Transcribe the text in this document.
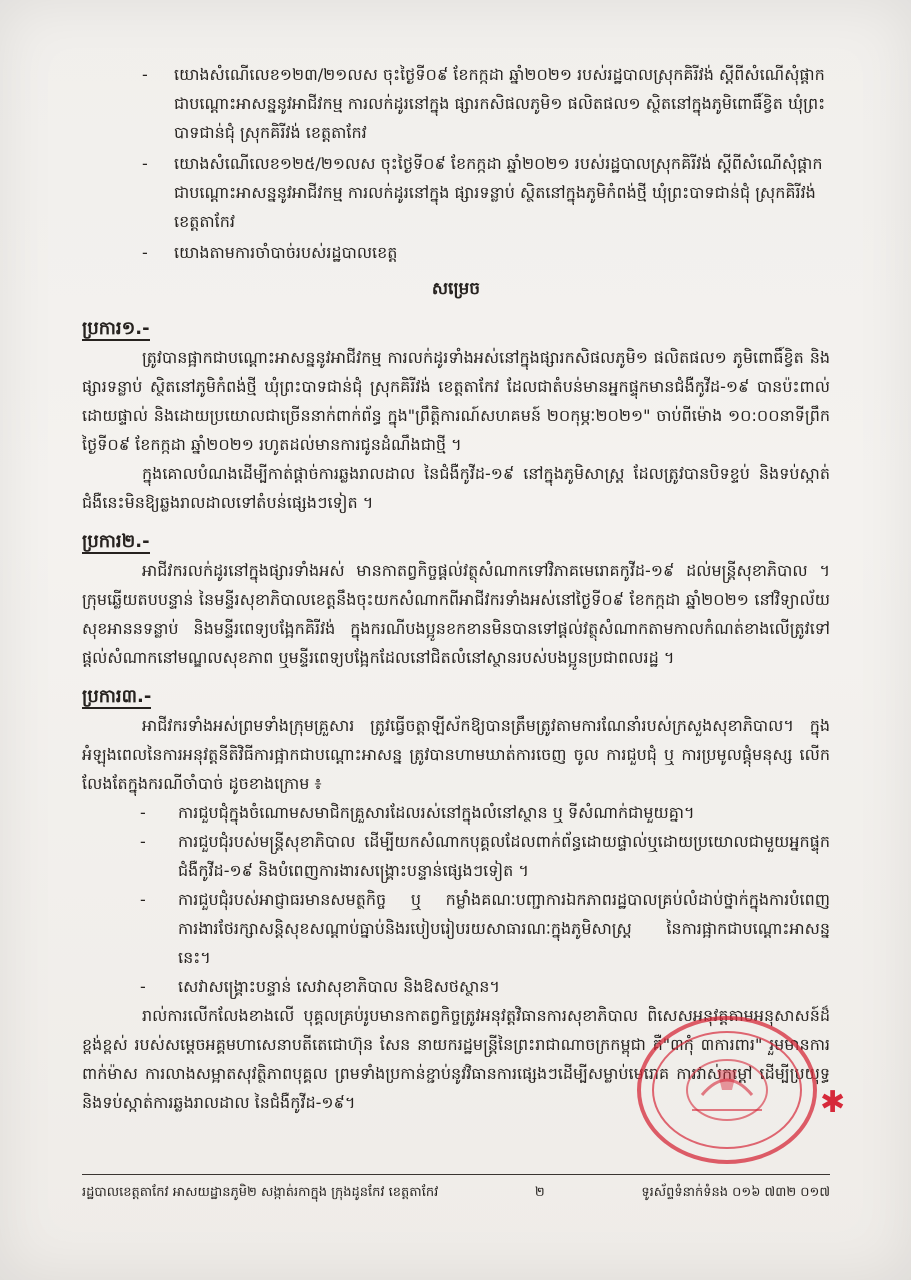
-	យោងសំណើលេខ១២៣/២១លស ចុះថ្ងៃទី០៩ ខែកក្កដា ឆ្នាំ២០២១ របស់រដ្ឋបាលស្រុកគិរីវង់ ស្តីពីសំណើសុំផ្ដាកជាបណ្ដោះអាសន្ននូវអាជីវកម្ម ការលក់ដូរនៅក្នុង ផ្សារកសិផលភូមិ១ ផលិតផល១ ស្ថិតនៅក្នុងភូមិពោធិ៍ខ្វិត ឃុំព្រះបាទជាន់ជុំ ស្រុកគិរីវង់ ខេត្តតាកែវ
-	យោងសំណើលេខ១២៥/២១លស ចុះថ្ងៃទី០៩ ខែកក្កដា ឆ្នាំ២០២១ របស់រដ្ឋបាលស្រុកគិរីវង់ ស្តីពីសំណើសុំផ្ដាកជាបណ្ដោះអាសន្ននូវអាជីវកម្ម ការលក់ដូរនៅក្នុង ផ្សារទន្លាប់ ស្ថិតនៅក្នុងភូមិកំពង់ថ្មី ឃុំព្រះបាទជាន់ជុំ ស្រុកគិរីវង់ ខេត្តតាកែវ
-	យោងតាមការចាំបាច់របស់រដ្ឋបាលខេត្ត
សម្រេច
ប្រការ១.-
ត្រូវបានផ្អាកជាបណ្ដោះអាសន្ននូវអាជីវកម្ម ការលក់ដូរទាំងអស់នៅក្នុងផ្សារកសិផលភូមិ១ ផលិតផល១ ភូមិពោធិ៍ខ្វិត និងផ្សារទន្លាប់ ស្ថិតនៅភូមិកំពង់ថ្មី ឃុំព្រះបាទជាន់ជុំ ស្រុកគិរីវង់ ខេត្តតាកែវ ដែលជាតំបន់មានអ្នកផ្ទុកមានជំងឺកូវីដ-១៩ បានប៉ះពាល់ដោយផ្ទាល់ និងដោយប្រយោលជាច្រើននាក់ពាក់ព័ន្ធ ក្នុង"ព្រឹត្តិការណ៍សហគមន៍ ២០កុម្ភៈ២០២១" ចាប់ពីម៉ោង ១០:០០នាទីព្រឹក ថ្ងៃទី០៩ ខែកក្កដា ឆ្នាំ២០២១ រហូតដល់មានការជូនដំណឹងជាថ្មី ។
ក្នុងគោលបំណងដើម្បីកាត់ផ្ដាច់ការឆ្លងរាលដាល នៃជំងឺកូវីដ-១៩ នៅក្នុងភូមិសាស្ត្រ ដែលត្រូវបានបិទខ្ទប់ និងទប់ស្កាត់ជំងឺនេះមិនឱ្យឆ្លងរាលដាលទៅតំបន់ផ្សេងៗទៀត ។
ប្រការ២.-
អាជីវករលក់ដូរនៅក្នុងផ្សារទាំងអស់ មានកាតព្វកិច្ចផ្ដល់វត្ថុសំណាកទៅវិភាគមេរោគកូវីដ-១៩ ដល់មន្ត្រីសុខាភិបាល ។ ក្រុមឆ្លើយតបបន្ទាន់ នៃមន្ទីរសុខាភិបាលខេត្តនឹងចុះយកសំណាកពីអាជីវករទាំងអស់នៅថ្ងៃទី០៩ ខែកក្កដា ឆ្នាំ២០២១ នៅវិទ្យាល័យសុខអាននទន្លាប់ និងមន្ទីរពេទ្យបង្អែកគិរីវង់ ក្នុងករណីបងប្អូនខកខានមិនបានទៅផ្ដល់វត្ថុសំណាកតាមកាលកំណត់ខាងលើត្រូវទៅផ្ដល់សំណាកនៅមណ្ឌលសុខភាព ឬមន្ទីរពេទ្យបង្អែកដែលនៅជិតលំនៅស្ថានរបស់បងប្អូនប្រជាពលរដ្ឋ ។
ប្រការ៣.-
អាជីវករទាំងអស់ព្រមទាំងក្រុមគ្រួសារ ត្រូវធ្វើចត្តាឡីស័កឱ្យបានត្រឹមត្រូវតាមការណែនាំរបស់ក្រសួងសុខាភិបាល។ ក្នុងអំឡុងពេលនៃការអនុវត្តនីតិវិធីការផ្អាកជាបណ្ដោះអាសន្ន ត្រូវបានហាមឃាត់ការចេញ ចូល ការជួបជុំ ឬ ការប្រមូលផ្ដុំមនុស្ស លើកលែងតែក្នុងករណីចាំបាច់ ដូចខាងក្រោម ៖
-	ការជួបជុំក្នុងចំណោមសមាជិកគ្រួសារដែលរស់នៅក្នុងលំនៅស្ថាន ឬ ទីសំណាក់ជាមួយគ្នា។
-	ការជួបជុំរបស់មន្ត្រីសុខាភិបាល ដើម្បីយកសំណាកបុគ្គលដែលពាក់ព័ន្ធដោយផ្ទាល់ឬដោយប្រយោលជាមួយអ្នកផ្ទុកជំងឺកូវីដ-១៩ និងបំពេញការងារសង្គ្រោះបន្ទាន់ផ្សេងៗទៀត ។
-	ការជួបជុំរបស់អាជ្ញាធរមានសមត្ថកិច្ច ឬ កម្លាំងគណៈបញ្ជាការឯកភាពរដ្ឋបាលគ្រប់លំដាប់ថ្នាក់ក្នុងការបំពេញការងារថែរក្សាសន្តិសុខសណ្តាប់ធ្នាប់និងរបៀបរៀបរយសាធារណៈក្នុងភូមិសាស្ត្រ នៃការផ្អាកជាបណ្ដោះអាសន្ននេះ។
-	សេវាសង្គ្រោះបន្ទាន់ សេវាសុខាភិបាល និងឱសថស្ថាន។
រាល់ការលើកលែងខាងលើ បុគ្គលគ្រប់រូបមានកាតព្វកិច្ចត្រូវអនុវត្តវិធានការសុខាភិបាល ពិសេសអនុវត្តតាមអនុសាសន៍ដ៏ខ្ពង់ខ្ពស់ របស់សម្ដេចអគ្គមហាសេនាបតីតេជោហ៊ុន សែន នាយករដ្ឋមន្ត្រីនៃព្រះរាជាណាចក្រកម្ពុជា គឺ"៣កុំ ៣ការពារ" រួមមានការពាក់ម៉ាស ការលាងសម្អាតសុវត្ថិភាពបុគ្គល ព្រមទាំងប្រកាន់ខ្ជាប់នូវវិធានការផ្សេងៗដើម្បីសម្លាប់មេរោគ ការវាស់កម្ដៅ ដើម្បីប្រយុទ្ធនិងទប់ស្កាត់ការឆ្លងរាលដាល នៃជំងឺកូវីដ-១៩។	✱
រដ្ឋបាលខេត្តតាកែវ អាសយដ្ឋានភូមិ២ សង្កាត់រកាក្នុង ក្រុងដូនកែវ ខេត្តតាកែវ	២	ទូរស័ព្ទទំនាក់ទំនង ០១៦ ៧៣២ ០១៧
